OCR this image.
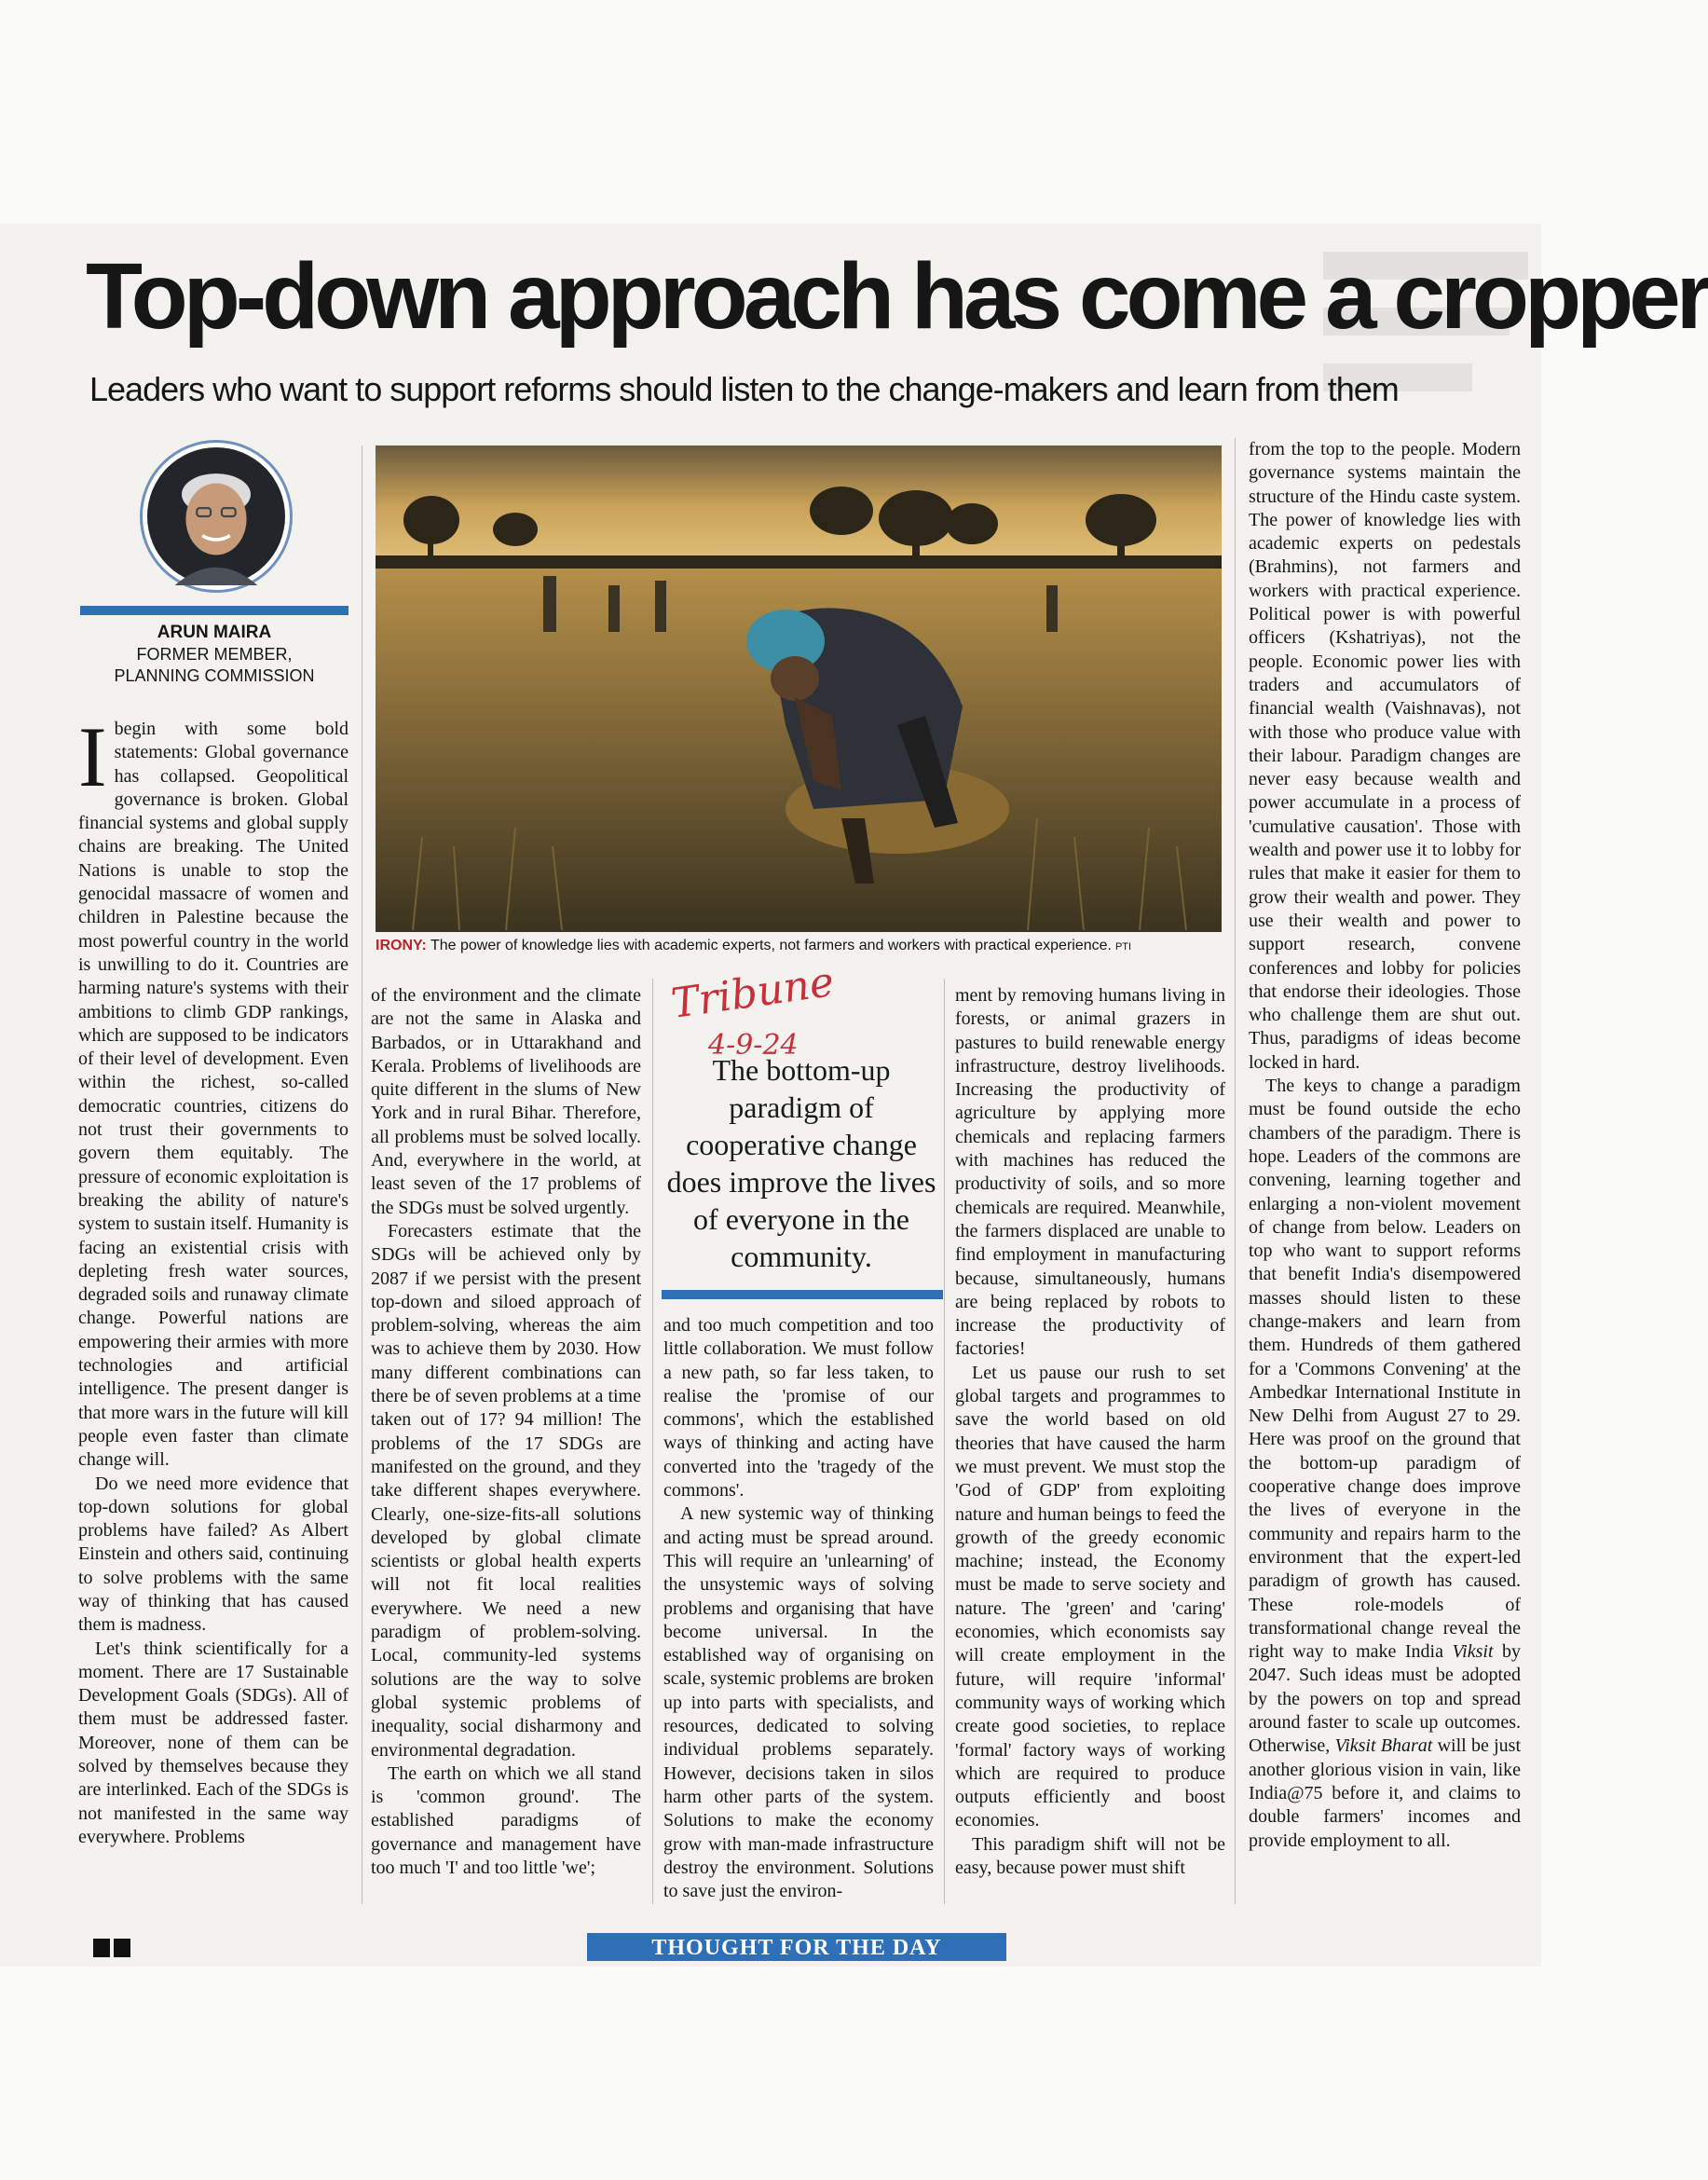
Top-down approach has come a cropper
Leaders who want to support reforms should listen to the change-makers and learn from them
ARUN MAIRA
FORMER MEMBER,
PLANNING COMMISSION

Ibegin with some bold statements: Global governance has collapsed. Geopolitical governance is broken. Global financial systems and global supply chains are breaking. The United Nations is unable to stop the genocidal massacre of women and children in Palestine because the most powerful country in the world is unwilling to do it. Countries are harming nature's systems with their ambitions to climb GDP rankings, which are supposed to be indicators of their level of development. Even within the richest, so-called democratic countries, citizens do not trust their governments to govern them equitably. The pressure of economic exploitation is breaking the ability of nature's system to sustain itself. Humanity is facing an existential crisis with depleting fresh water sources, degraded soils and runaway climate change. Powerful nations are empowering their armies with more technologies and artificial intelligence. The present danger is that more wars in the future will kill people even faster than climate change will.

Do we need more evidence that top-down solutions for global problems have failed? As Albert Einstein and others said, continuing to solve problems with the same way of thinking that has caused them is madness.

Let's think scientifically for a moment. There are 17 Sustainable Development Goals (SDGs). All of them must be addressed faster. Moreover, none of them can be solved by themselves because they are interlinked. Each of the SDGs is not manifested in the same way everywhere. Problems

IRONY: The power of knowledge lies with academic experts, not farmers and workers with practical experience. PTI
Tribune
4-9-24
The bottom-up paradigm of cooperative change does improve the lives of everyone in the community.

of the environment and the climate are not the same in Alaska and Barbados, or in Uttarakhand and Kerala. Problems of livelihoods are quite different in the slums of New York and in rural Bihar. Therefore, all problems must be solved locally. And, everywhere in the world, at least seven of the 17 problems of the SDGs must be solved urgently.

Forecasters estimate that the SDGs will be achieved only by 2087 if we persist with the present top-down and siloed approach of problem-solving, whereas the aim was to achieve them by 2030. How many different combinations can there be of seven problems at a time taken out of 17? 94 million! The problems of the 17 SDGs are manifested on the ground, and they take different shapes everywhere. Clearly, one-size-fits-all solutions developed by global climate scientists or global health experts will not fit local realities everywhere. We need a new paradigm of problem-solving. Local, community-led systems solutions are the way to solve global systemic problems of inequality, social disharmony and environmental degradation.

The earth on which we all stand is 'common ground'. The established paradigms of governance and management have too much 'I' and too little 'we';

and too much competition and too little collaboration. We must follow a new path, so far less taken, to realise the 'promise of our commons', which the established ways of thinking and acting have converted into the 'tragedy of the commons'.

A new systemic way of thinking and acting must be spread around. This will require an 'unlearning' of the unsystemic ways of solving problems and organising that have become universal. In the established way of organising on scale, systemic problems are broken up into parts with specialists, and resources, dedicated to solving individual problems separately. However, decisions taken in silos harm other parts of the system. Solutions to make the economy grow with man-made infrastructure destroy the environment. Solutions to save just the environ-

ment by removing humans living in forests, or animal grazers in pastures to build renewable energy infrastructure, destroy livelihoods. Increasing the productivity of agriculture by applying more chemicals and replacing farmers with machines has reduced the productivity of soils, and so more chemicals are required. Meanwhile, the farmers displaced are unable to find employment in manufacturing because, simultaneously, humans are being replaced by robots to increase the productivity of factories!

Let us pause our rush to set global targets and programmes to save the world based on old theories that have caused the harm we must prevent. We must stop the 'God of GDP' from exploiting nature and human beings to feed the growth of the greedy economic machine; instead, the Economy must be made to serve society and nature. The 'green' and 'caring' economies, which economists say will create employment in the future, will require 'informal' community ways of working which create good societies, to replace 'formal' factory ways of working which are required to produce outputs efficiently and boost economies.

This paradigm shift will not be easy, because power must shift

from the top to the people. Modern governance systems maintain the structure of the Hindu caste system. The power of knowledge lies with academic experts on pedestals (Brahmins), not farmers and workers with practical experience. Political power is with powerful officers (Kshatriyas), not the people. Economic power lies with traders and accumulators of financial wealth (Vaishnavas), not with those who produce value with their labour. Paradigm changes are never easy because wealth and power accumulate in a process of 'cumulative causation'. Those with wealth and power use it to lobby for rules that make it easier for them to grow their wealth and power. They use their wealth and power to support research, convene conferences and lobby for policies that endorse their ideologies. Those who challenge them are shut out. Thus, paradigms of ideas become locked in hard.

The keys to change a paradigm must be found outside the echo chambers of the paradigm. There is hope. Leaders of the commons are convening, learning together and enlarging a non-violent movement of change from below. Leaders on top who want to support reforms that benefit India's disempowered masses should listen to these change-makers and learn from them. Hundreds of them gathered for a 'Commons Convening' at the Ambedkar International Institute in New Delhi from August 27 to 29. Here was proof on the ground that the bottom-up paradigm of cooperative change does improve the lives of everyone in the community and repairs harm to the environment that the expert-led paradigm of growth has caused. These role-models of transformational change reveal the right way to make India Viksit by 2047. Such ideas must be adopted by the powers on top and spread around faster to scale up outcomes. Otherwise, Viksit Bharat will be just another glorious vision in vain, like India@75 before it, and claims to double farmers' incomes and provide employment to all.

THOUGHT FOR THE DAY
